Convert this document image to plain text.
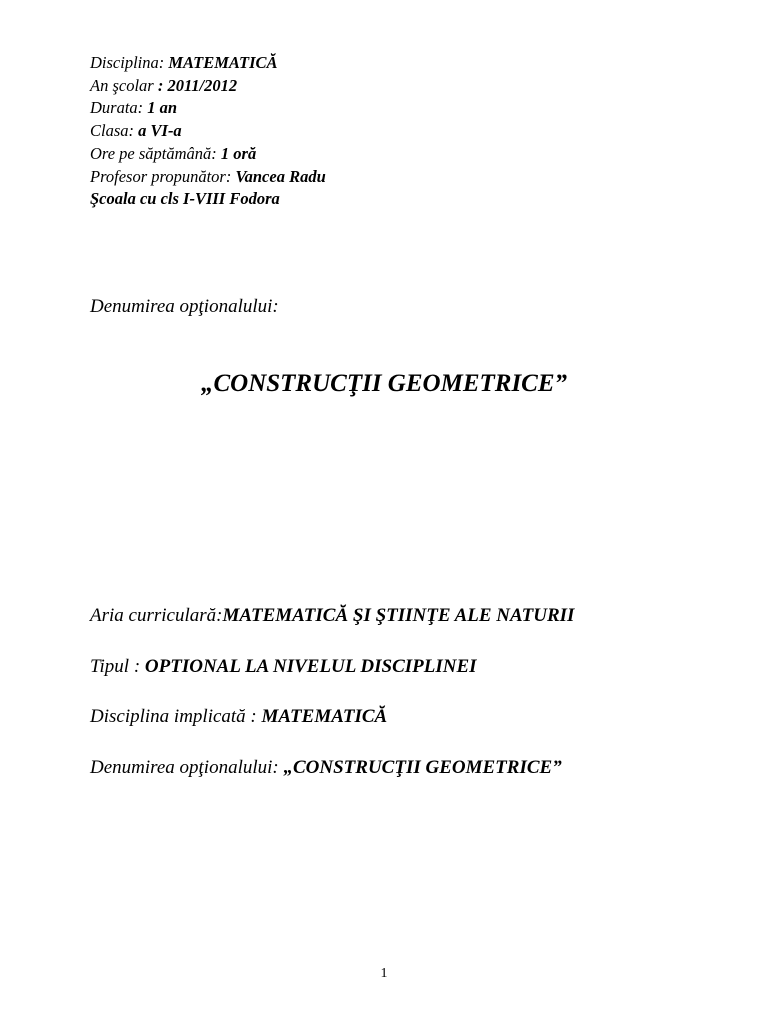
Disciplina: MATEMATICĂ
An şcolar : 2011/2012
Durata: 1 an
Clasa: a VI-a
Ore pe săptămână: 1 oră
Profesor propunător: Vancea Radu
Şcoala cu cls I-VIII Fodora
Denumirea opţionalului:
„CONSTRUCŢII GEOMETRICE”
Aria curriculară:MATEMATICĂ ŞI ŞTIINŢE ALE NATURII
Tipul : OPTIONAL LA NIVELUL DISCIPLINEI
Disciplina implicată : MATEMATICĂ
Denumirea opţionalului: „CONSTRUCŢII GEOMETRICE”
1
